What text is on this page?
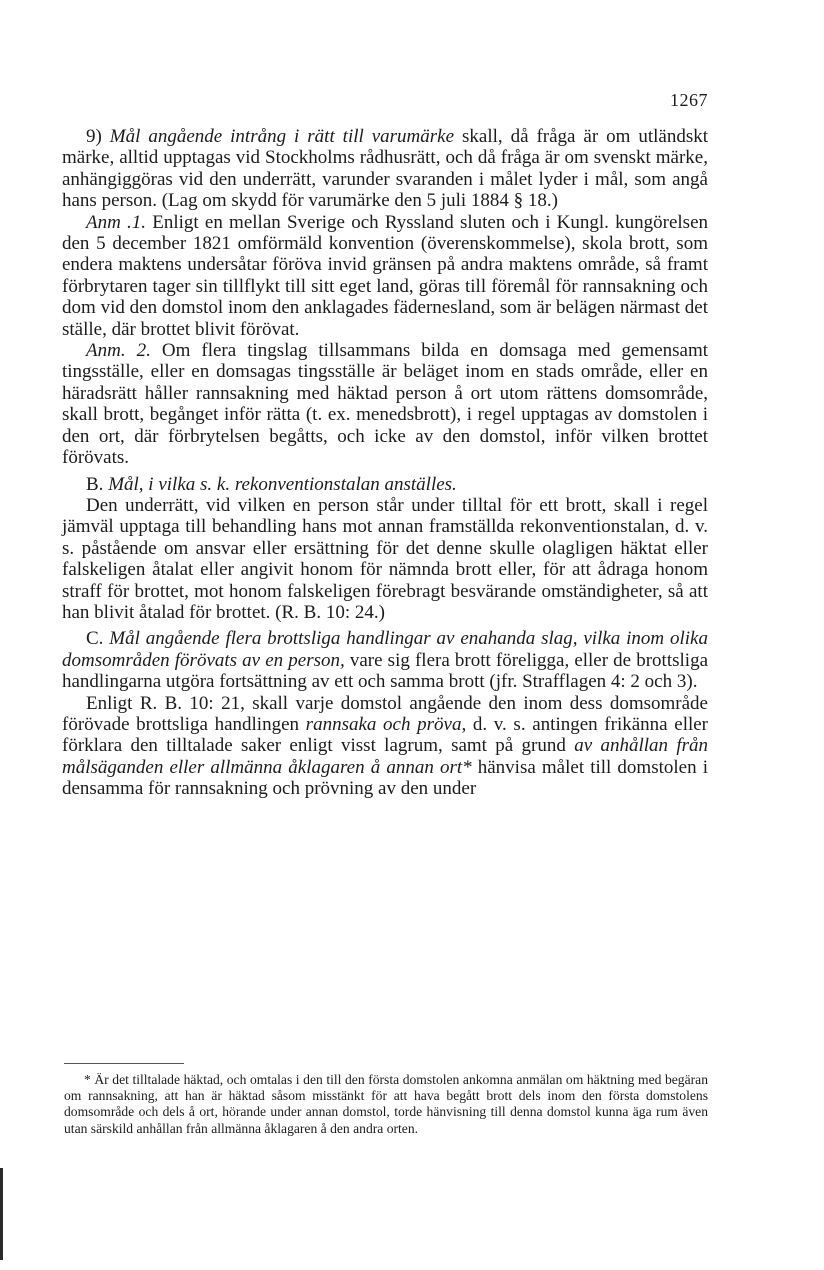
1267

9) Mål angående intrång i rätt till varumärke skall, då fråga är om utländskt märke, alltid upptagas vid Stockholms rådhusrätt, och då fråga är om svenskt märke, anhängiggöras vid den underrätt, varunder svaranden i målet lyder i mål, som angå hans person. (Lag om skydd för varumärke den 5 juli 1884 § 18.)

Anm .1. Enligt en mellan Sverige och Ryssland sluten och i Kungl. kungörelsen den 5 december 1821 omförmäld konvention (överenskommelse), skola brott, som endera maktens undersåtar förövа invid gränsen på andra maktens område, så framt förbrytaren tager sin tillflykt till sitt eget land, göras till föremål för rannsakning och dom vid den domstol inom den anklagades fädernesland, som är belägen närmast det ställe, där brottet blivit förövat.

Anm. 2. Om flera tingslag tillsammans bilda en domsaga med gemensamt tingsställe, eller en domsagas tingsställe är beläget inom en stads område, eller en häradsrätt håller rannsakning med häktad person å ort utom rättens domsområde, skall brott, begånget inför rätta (t. ex. menedsbrott), i regel upptagas av domstolen i den ort, där förbrytelsen begåtts, och icke av den domstol, inför vilken brottet förövats.

B. Mål, i vilka s. k. rekonventionstalan anställes.

Den underrätt, vid vilken en person står under tilltal för ett brott, skall i regel jämväl upptaga till behandling hans mot annan framställda rekonventionstalan, d. v. s. påstående om ansvar eller ersättning för det denne skulle olagligen häktat eller falskeligen åtalat eller angivit honom för nämnda brott eller, för att ådraga honom straff för brottet, mot honom falskeligen förebragt besvärande omständigheter, så att han blivit åtalad för brottet. (R. B. 10: 24.)

C. Mål angående flera brottsliga handlingar av enahanda slag, vilka inom olika domsområden förövats av en person, vare sig flera brott föreligga, eller de brottsliga handlingarna utgöra fortsättning av ett och samma brott (jfr. Strafflagen 4: 2 och 3).

Enligt R. B. 10: 21, skall varje domstol angående den inom dess domsområde förövade brottsliga handlingen rannsaka och pröva, d. v. s. antingen frikänna eller förklara den tilltalade saker enligt visst lagrum, samt på grund av anhållan från målsäganden eller allmänna åklagaren å annan ort* hänvisa målet till domstolen i densamma för rannsakning och prövning av den under

* Är det tilltalade häktad, och omtalas i den till den första domstolen ankomna anmälan om häktning med begäran om rannsakning, att han är häktad såsom misstänkt för att hava begått brott dels inom den första domstolens domsområde och dels å ort, hörande under annan domstol, torde hänvisning till denna domstol kunna äga rum även utan särskild anhållan från allmänna åklagaren å den andra orten.
